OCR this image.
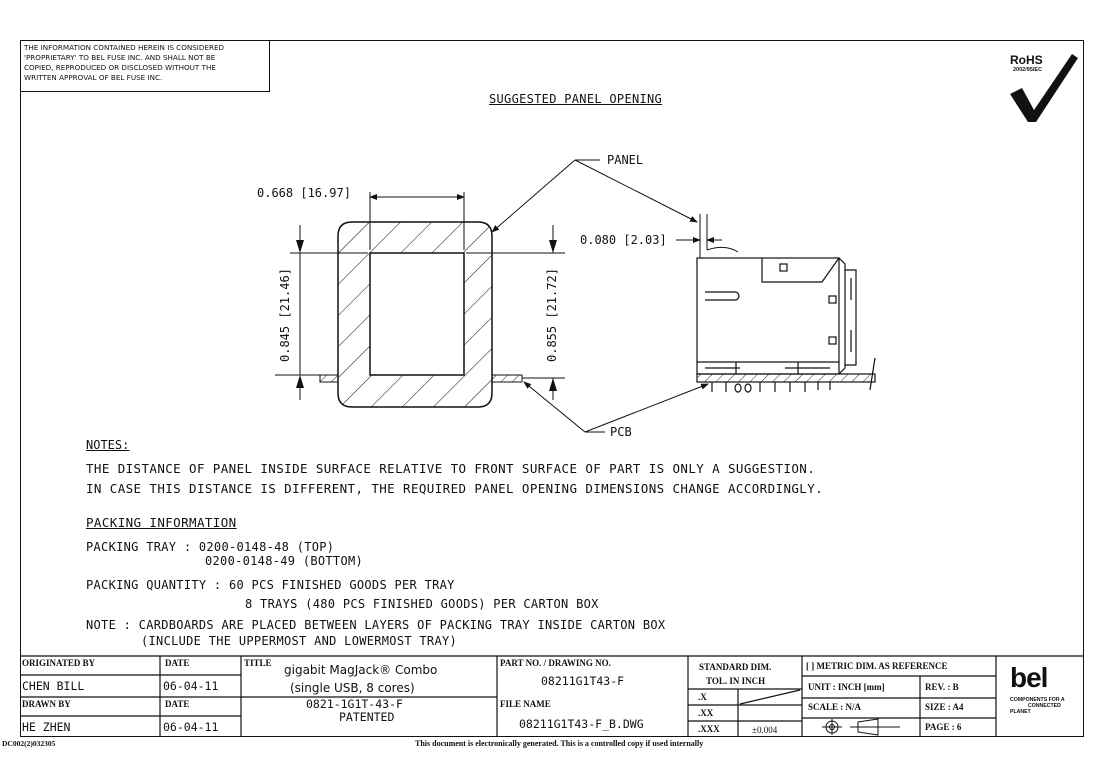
THE INFORMATION CONTAINED HEREIN IS CONSIDERED
'PROPRIETARY' TO BEL FUSE INC. AND SHALL NOT BE
COPIED, REPRODUCED OR DISCLOSED WITHOUT THE
WRITTEN APPROVAL OF BEL FUSE INC.
RoHS
2002/95/EC
SUGGESTED PANEL OPENING
0.668 [16.97]
0.845 [21.46]	0.855 [21.72]
0.080 [2.03]
PANEL
PCB
NOTES:
THE DISTANCE OF PANEL INSIDE SURFACE RELATIVE TO FRONT SURFACE OF PART IS ONLY A SUGGESTION.
IN CASE THIS DISTANCE IS DIFFERENT, THE REQUIRED PANEL OPENING DIMENSIONS CHANGE ACCORDINGLY.
PACKING INFORMATION
PACKING TRAY : 0200-0148-48 (TOP)
0200-0148-49 (BOTTOM)
PACKING QUANTITY : 60 PCS FINISHED GOODS PER TRAY
8 TRAYS (480 PCS FINISHED GOODS) PER CARTON BOX
NOTE : CARDBOARDS ARE PLACED BETWEEN LAYERS OF PACKING TRAY INSIDE CARTON BOX
(INCLUDE THE UPPERMOST AND LOWERMOST TRAY)
ORIGINATED BY	DATE
CHEN BILL	06-04-11
DRAWN BY	DATE
HE ZHEN	06-04-11
TITLE gigabit MagJack® Combo
(single USB, 8 cores)
0821-1G1T-43-F
PATENTED
PART NO. / DRAWING NO.
08211G1T43-F
FILE NAME
08211G1T43-F_B.DWG
STANDARD DIM.
TOL. IN INCH
.X
.XX
.XXX	±0.004
[ ] METRIC DIM. AS REFERENCE
UNIT : INCH [mm]	REV. : B
SCALE : N/A	SIZE : A4
PAGE : 6
bel
COMPONENTS FOR A
CONNECTED
PLANET
DC002(2)032305	This document is electronically generated. This is a controlled copy if used internally
